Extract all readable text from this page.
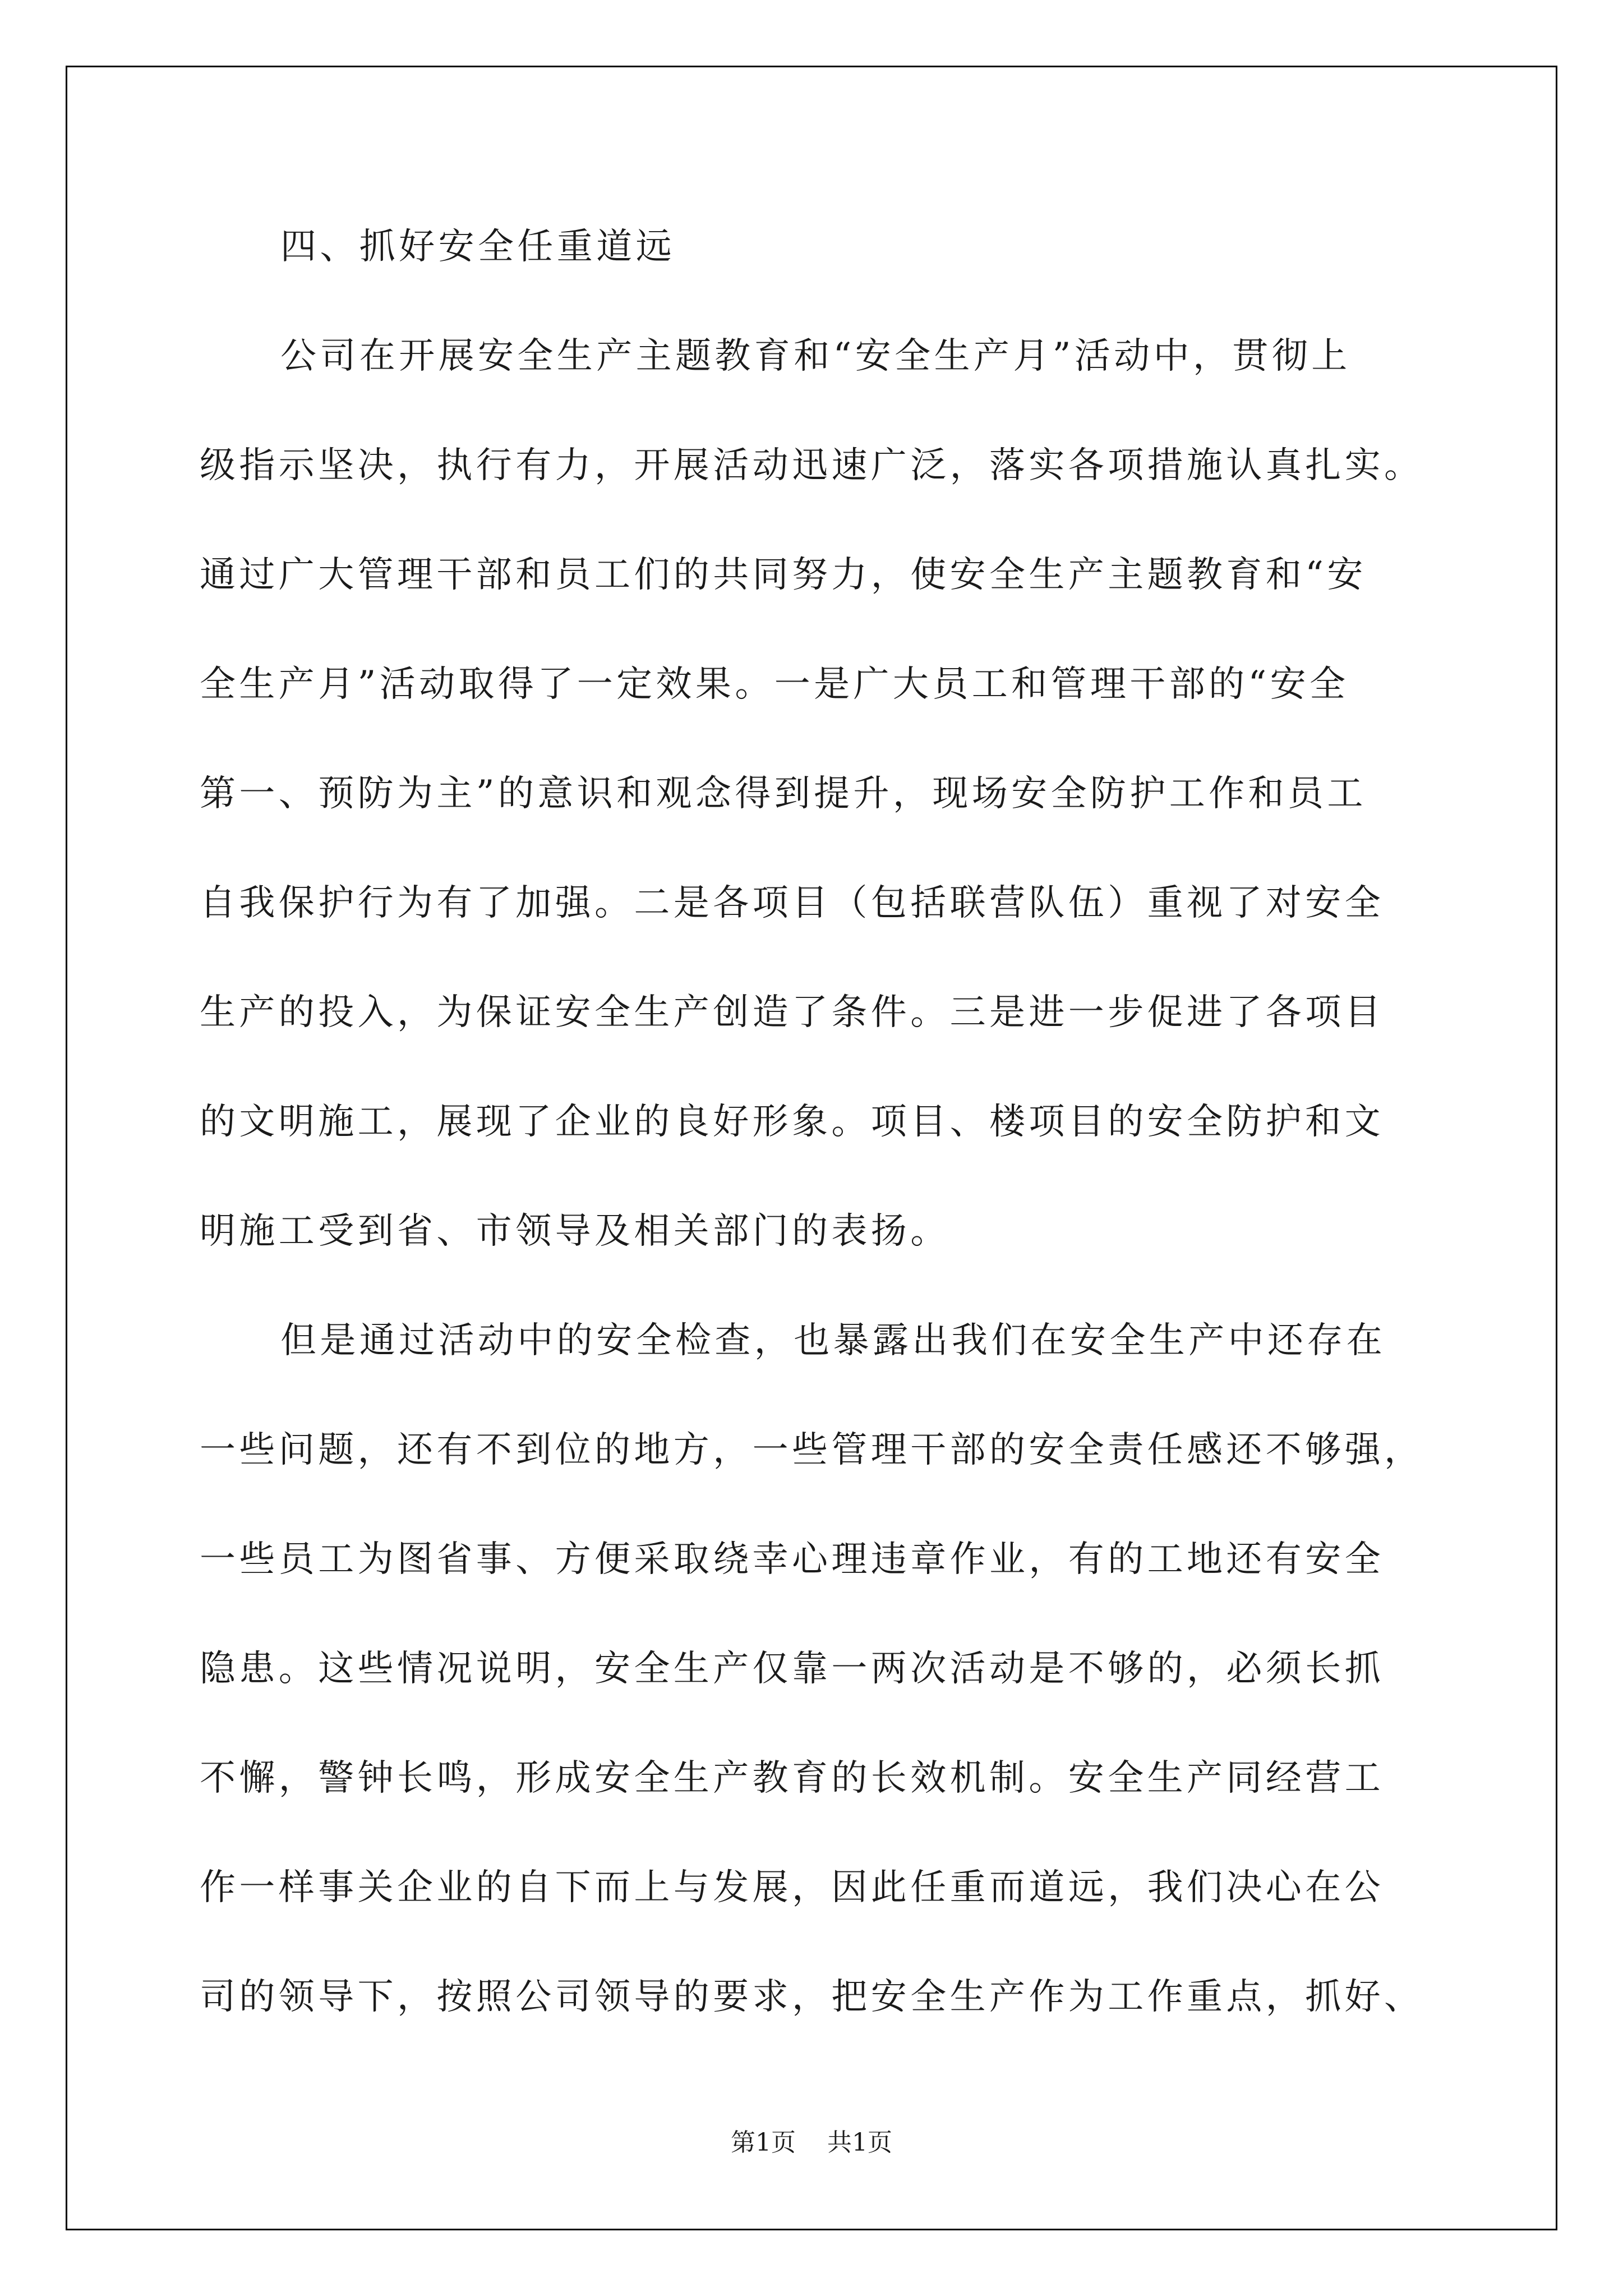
四、抓好安全任重道远

公司在开展安全生产主题教育和“安全生产月”活动中，贯彻上

级指示坚决，执行有力，开展活动迅速广泛，落实各项措施认真扎实。

通过广大管理干部和员工们的共同努力，使安全生产主题教育和“安

全生产月”活动取得了一定效果。一是广大员工和管理干部的“安全

第一、预防为主”的意识和观念得到提升，现场安全防护工作和员工

自我保护行为有了加强。二是各项目（包括联营队伍）重视了对安全

生产的投入，为保证安全生产创造了条件。三是进一步促进了各项目

的文明施工，展现了企业的良好形象。项目、楼项目的安全防护和文

明施工受到省、市领导及相关部门的表扬。

但是通过活动中的安全检查，也暴露出我们在安全生产中还存在

一些问题，还有不到位的地方，一些管理干部的安全责任感还不够强，

一些员工为图省事、方便采取绕幸心理违章作业，有的工地还有安全

隐患。这些情况说明，安全生产仅靠一两次活动是不够的，必须长抓

不懈，警钟长鸣，形成安全生产教育的长效机制。安全生产同经营工

作一样事关企业的自下而上与发展，因此任重而道远，我们决心在公

司的领导下，按照公司领导的要求，把安全生产作为工作重点，抓好、

第1页 共1页
